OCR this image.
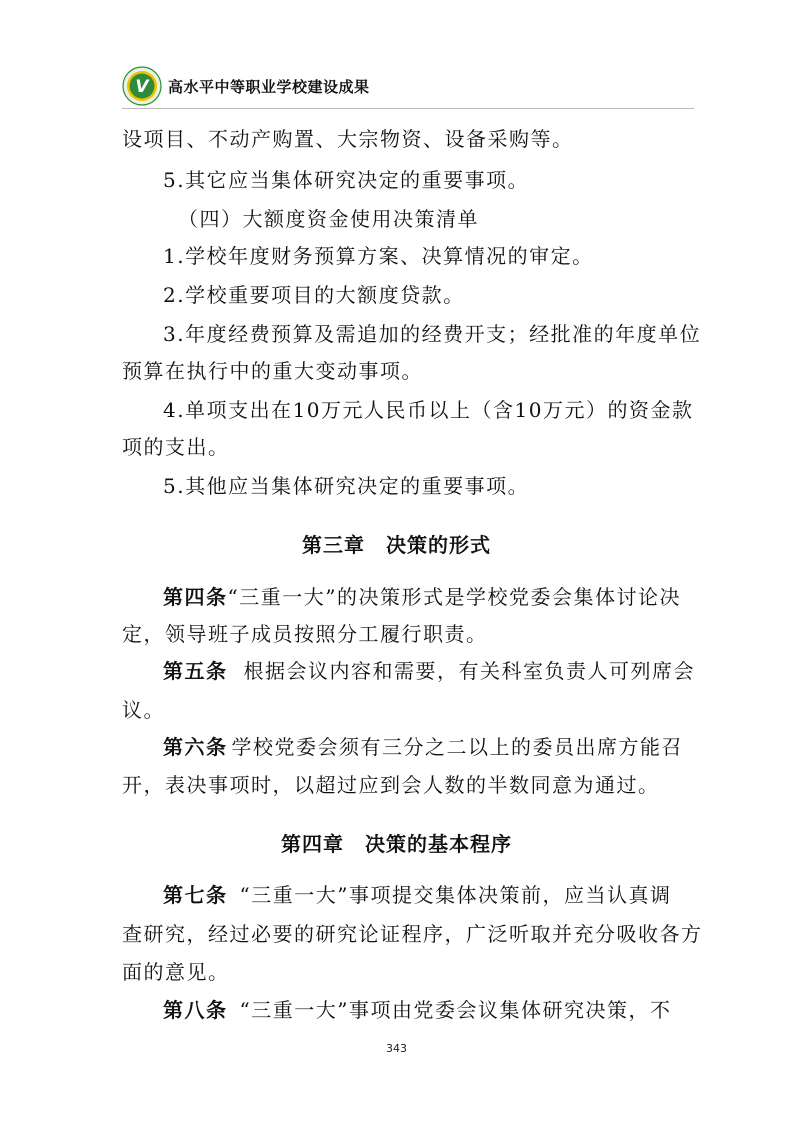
V 高水平中等职业学校建设成果
设项目、不动产购置、大宗物资、设备采购等。
5.其它应当集体研究决定的重要事项。
（四）大额度资金使用决策清单
1.学校年度财务预算方案、决算情况的审定。
2.学校重要项目的大额度贷款。
3.年度经费预算及需追加的经费开支；经批准的年度单位
预算在执行中的重大变动事项。
4.单项支出在10万元人民币以上（含10万元）的资金款
项的支出。
5.其他应当集体研究决定的重要事项。
第三章　决策的形式
第四条“三重一大”的决策形式是学校党委会集体讨论决
定，领导班子成员按照分工履行职责。
第五条 根据会议内容和需要，有关科室负责人可列席会
议。
第六条 学校党委会须有三分之二以上的委员出席方能召
开，表决事项时，以超过应到会人数的半数同意为通过。
第四章　决策的基本程序
第七条 “三重一大”事项提交集体决策前，应当认真调
查研究，经过必要的研究论证程序，广泛听取并充分吸收各方
面的意见。
第八条 “三重一大”事项由党委会议集体研究决策，不
343
